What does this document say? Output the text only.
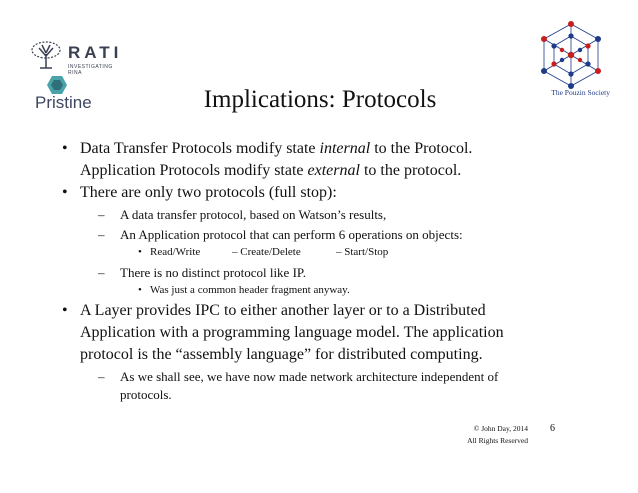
RATI
INVESTIGATING RINA
Pristine
The Pouzin Society
Implications: Protocols
• Data Transfer Protocols modify state internal to the Protocol.
Application Protocols modify state external to the protocol.
• There are only two protocols (full stop):
– A data transfer protocol, based on Watson’s results,
– An Application protocol that can perform 6 operations on objects:
• Read/Write	– Create/Delete	– Start/Stop
– There is no distinct protocol like IP.
• Was just a common header fragment anyway.
• A Layer provides IPC to either another layer or to a Distributed
Application with a programming language model. The application
protocol is the “assembly language” for distributed computing.
– As we shall see, we have now made network architecture independent of
protocols.
© John Day, 2014
All Rights Reserved
6
